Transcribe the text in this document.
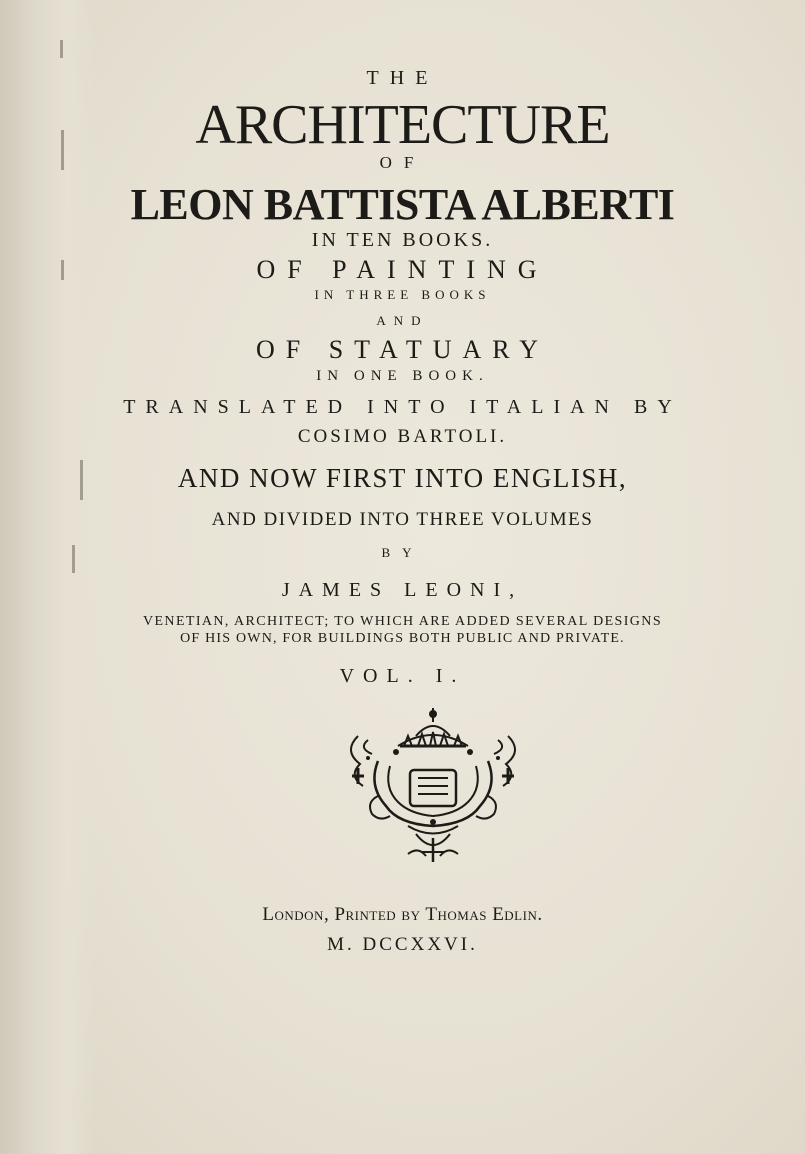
THE
ARCHITECTURE
OF
LEON BATTISTA ALBERTI
IN TEN BOOKS.
OF PAINTING
IN THREE BOOKS
AND
OF STATUARY
IN ONE BOOK.
TRANSLATED INTO ITALIAN BY
COSIMO BARTOLI.
AND NOW FIRST INTO ENGLISH,
AND DIVIDED INTO THREE VOLUMES
BY
JAMES LEONI,
VENETIAN, ARCHITECT; TO WHICH ARE ADDED SEVERAL DESIGNS
OF HIS OWN, FOR BUILDINGS BOTH PUBLIC AND PRIVATE.
VOL. I.
London, Printed by Thomas Edlin.
M. DCCXXVI.
